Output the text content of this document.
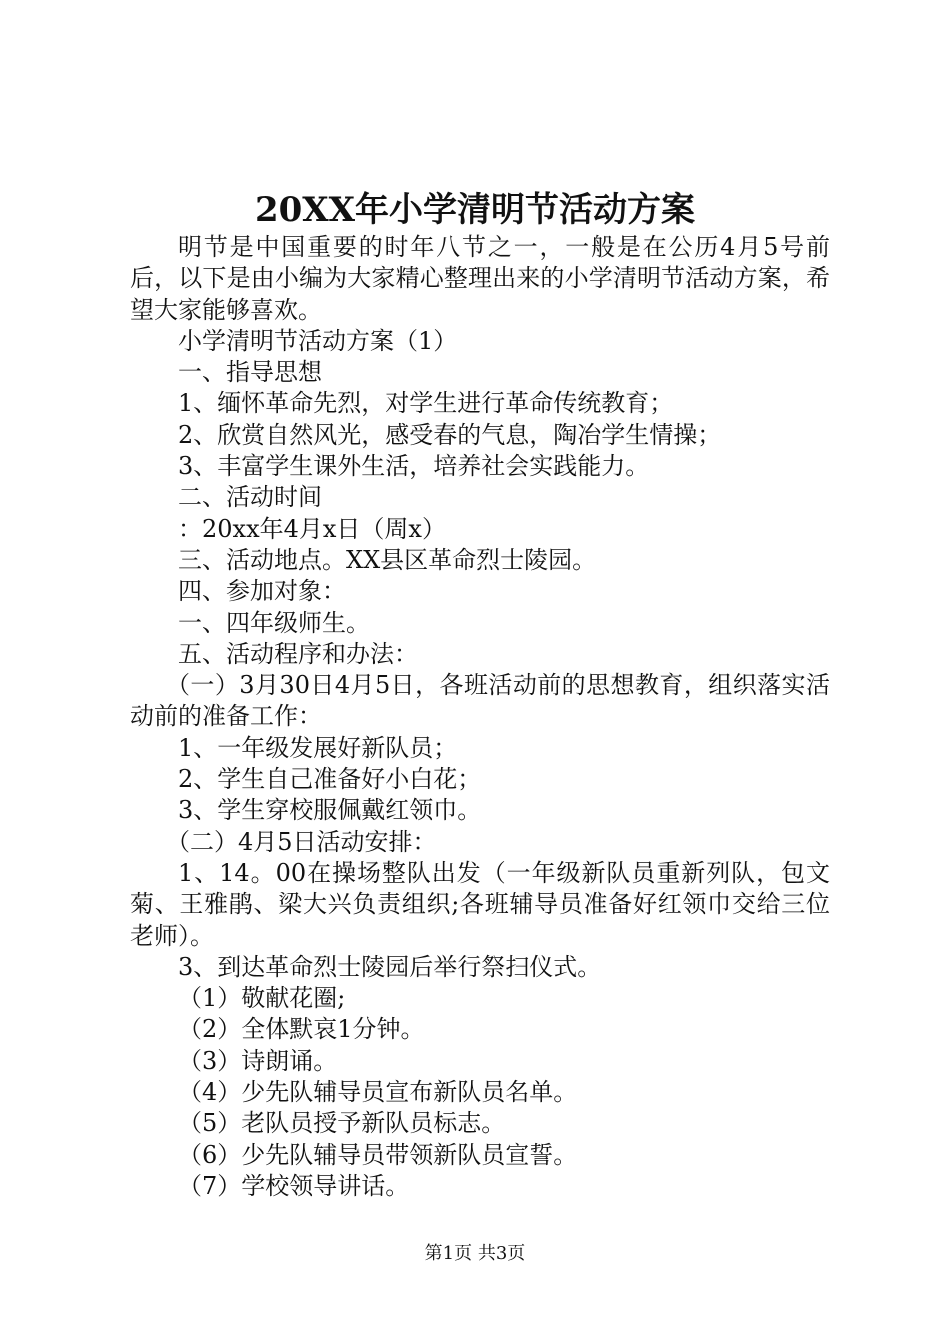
20XX年小学清明节活动方案

明节是中国重要的时年八节之一，一般是在公历4月5号前后，以下是由小编为大家精心整理出来的小学清明节活动方案，希望大家能够喜欢。

小学清明节活动方案（1）

一、指导思想

1、缅怀革命先烈，对学生进行革命传统教育；

2、欣赏自然风光，感受春的气息，陶冶学生情操；

3、丰富学生课外生活，培养社会实践能力。

二、活动时间

：20xx年4月x日（周x）

三、活动地点。XX县区革命烈士陵园。

四、参加对象：

一、四年级师生。

五、活动程序和办法：

（一）3月30日4月5日，各班活动前的思想教育，组织落实活动前的准备工作：

1、一年级发展好新队员；

2、学生自己准备好小白花；

3、学生穿校服佩戴红领巾。

（二）4月5日活动安排：

1、14。00在操场整队出发（一年级新队员重新列队，包文菊、王雅鹃、梁大兴负责组织;各班辅导员准备好红领巾交给三位老师）。

3、到达革命烈士陵园后举行祭扫仪式。

（1）敬献花圈;

（2）全体默哀1分钟。

（3）诗朗诵。

（4）少先队辅导员宣布新队员名单。

（5）老队员授予新队员标志。

（6）少先队辅导员带领新队员宣誓。

（7）学校领导讲话。

第1页 共3页
